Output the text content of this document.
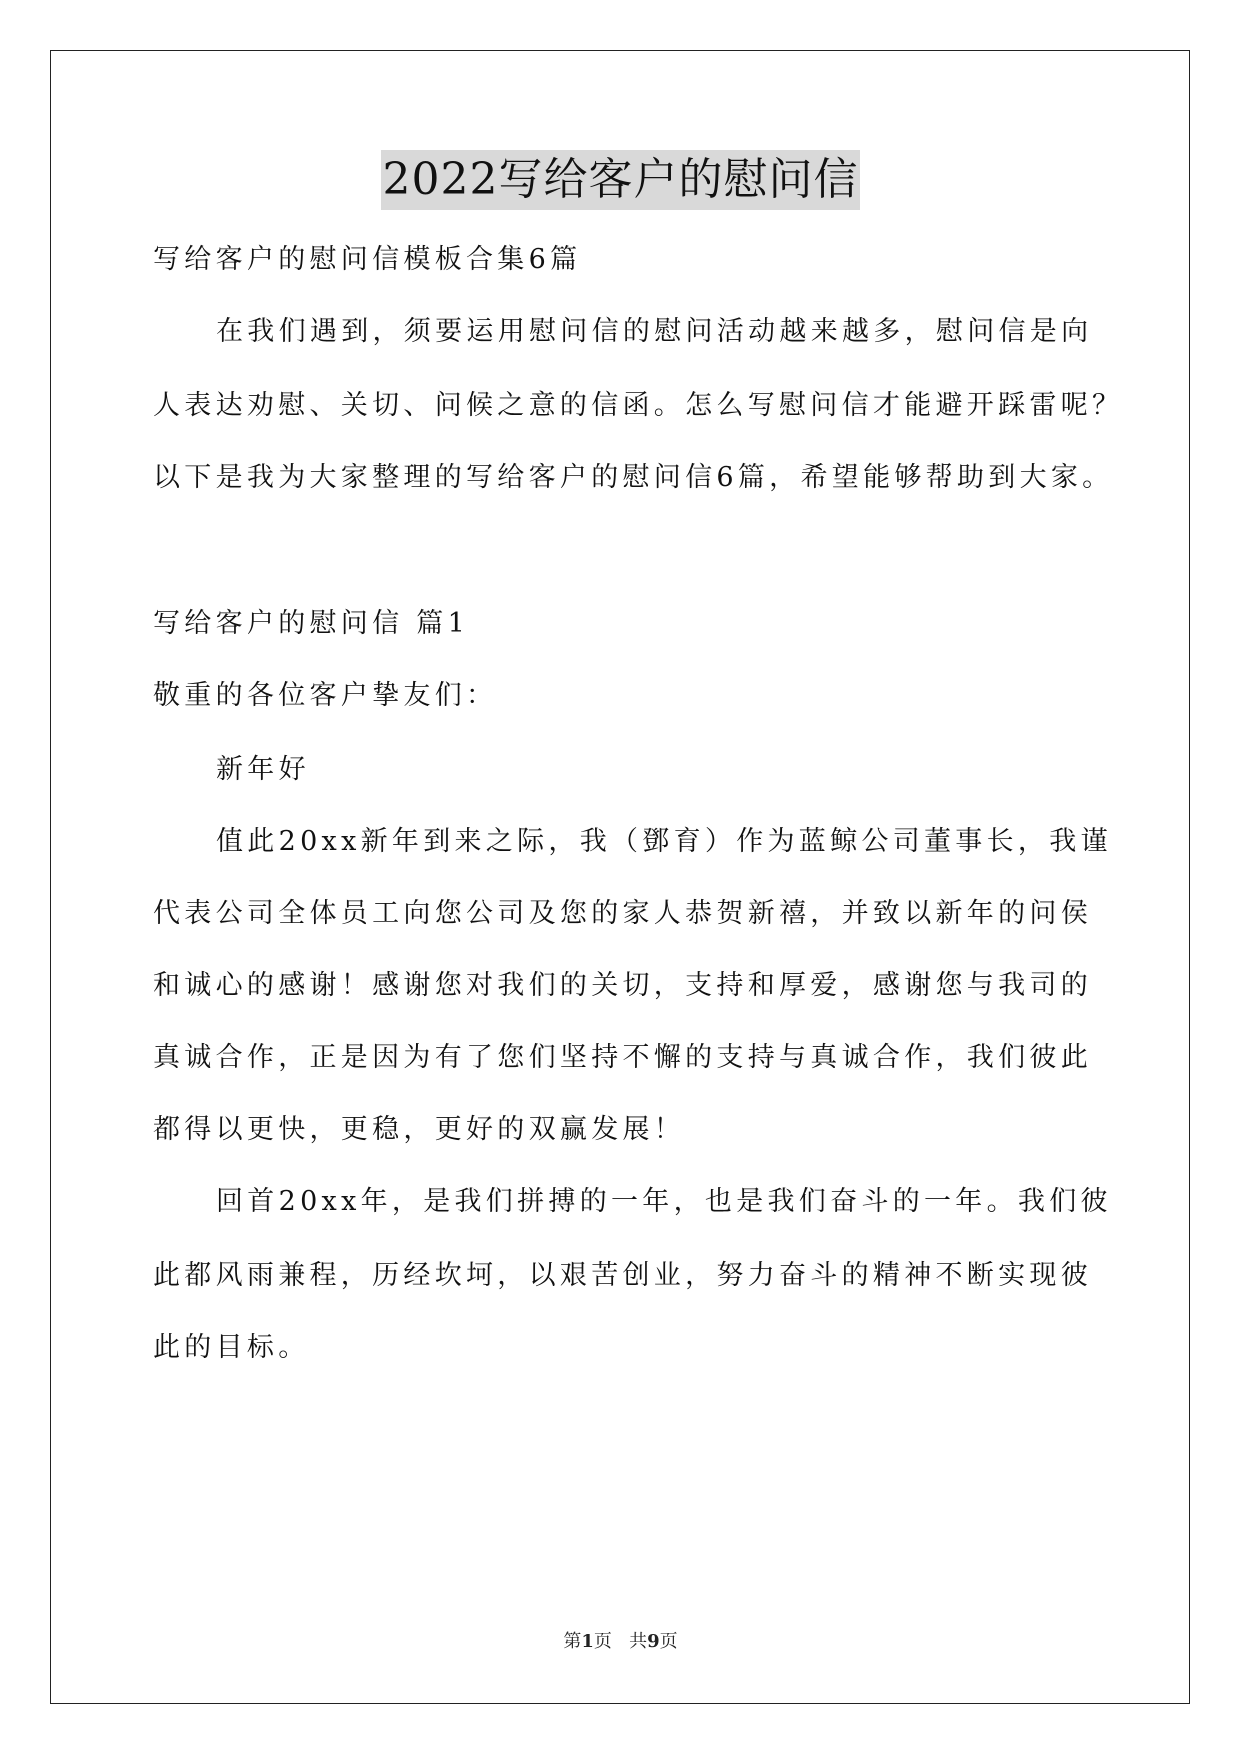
2022写给客户的慰问信
写给客户的慰问信模板合集6篇
在我们遇到，须要运用慰问信的慰问活动越来越多，慰问信是向
人表达劝慰、关切、问候之意的信函。怎么写慰问信才能避开踩雷呢？
以下是我为大家整理的写给客户的慰问信6篇，希望能够帮助到大家。
写给客户的慰问信 篇1
敬重的各位客户挚友们：
新年好
值此20xx新年到来之际，我（鄧育）作为蓝鲸公司董事长，我谨
代表公司全体员工向您公司及您的家人恭贺新禧，并致以新年的问侯
和诚心的感谢！感谢您对我们的关切，支持和厚爱，感谢您与我司的
真诚合作，正是因为有了您们坚持不懈的支持与真诚合作，我们彼此
都得以更快，更稳，更好的双赢发展！
回首20xx年，是我们拼搏的一年，也是我们奋斗的一年。我们彼
此都风雨兼程，历经坎坷，以艰苦创业，努力奋斗的精神不断实现彼
此的目标。
第1页   共9页
